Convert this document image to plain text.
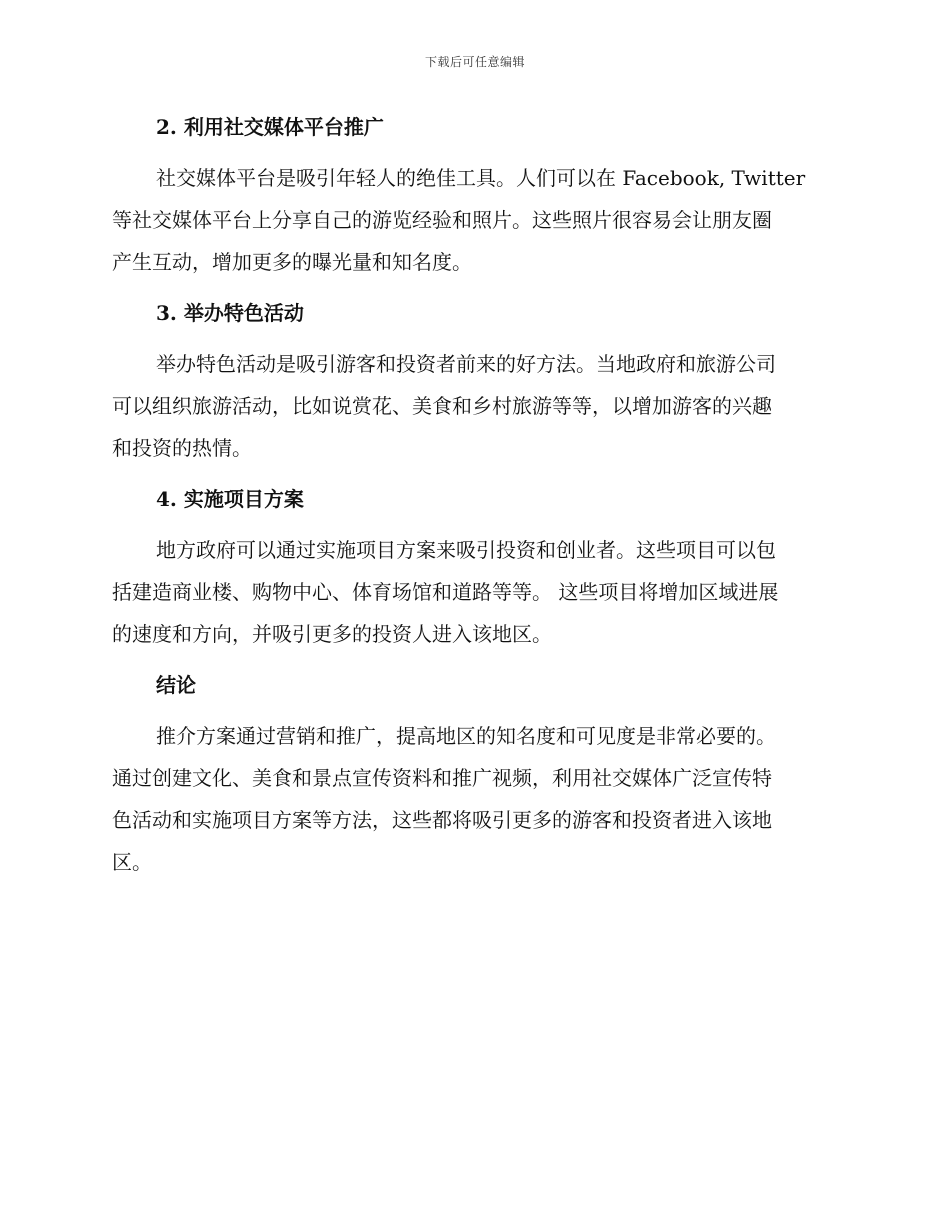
下载后可任意编辑
2. 利用社交媒体平台推广
社交媒体平台是吸引年轻人的绝佳工具。人们可以在 Facebook, Twitter
等社交媒体平台上分享自己的游览经验和照片。这些照片很容易会让朋友圈
产生互动，增加更多的曝光量和知名度。
3. 举办特色活动
举办特色活动是吸引游客和投资者前来的好方法。当地政府和旅游公司
可以组织旅游活动，比如说赏花、美食和乡村旅游等等，以增加游客的兴趣
和投资的热情。
4. 实施项目方案
地方政府可以通过实施项目方案来吸引投资和创业者。这些项目可以包
括建造商业楼、购物中心、体育场馆和道路等等。 这些项目将增加区域进展
的速度和方向，并吸引更多的投资人进入该地区。
结论
推介方案通过营销和推广，提高地区的知名度和可见度是非常必要的。
通过创建文化、美食和景点宣传资料和推广视频，利用社交媒体广泛宣传特
色活动和实施项目方案等方法，这些都将吸引更多的游客和投资者进入该地
区。
